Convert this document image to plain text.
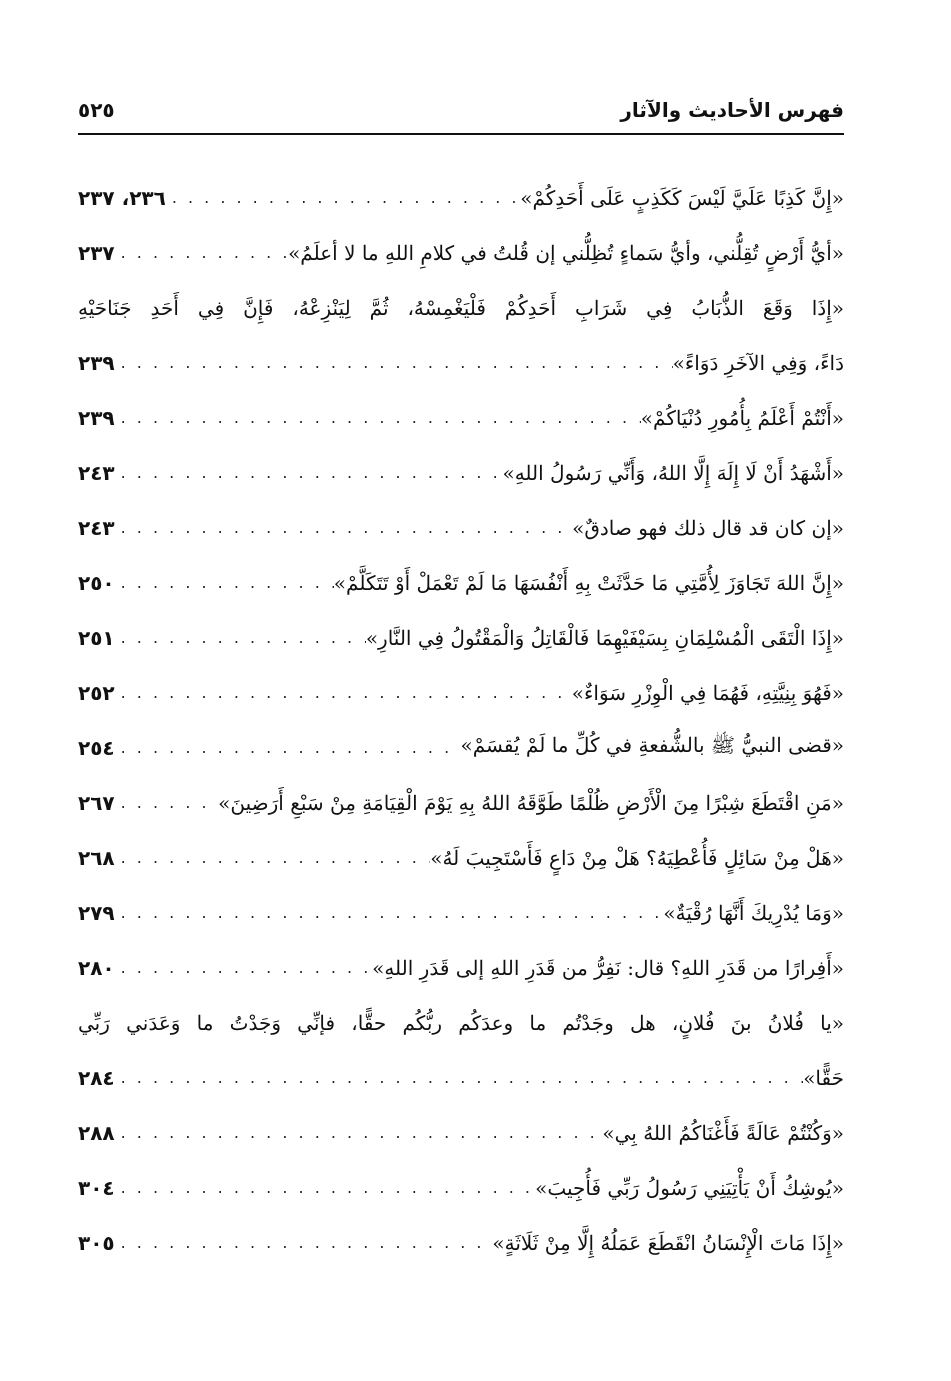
فهرس الأحاديث والآثار
٥٢٥
«إِنَّ كَذِبًا عَلَيَّ لَيْسَ كَكَذِبٍ عَلَى أَحَدِكُمْ»
. . .
٢٣٦، ٢٣٧
«أيُّ أَرْضٍ تُقِلُّني، وأيُّ سَماءٍ تُظِلُّني إن قُلتُ في كلامِ اللهِ ما لا أعلَمُ»
. . .
٢٣٧
«إِذَا وَقَعَ الذُّبَابُ فِي شَرَابِ أَحَدِكُمْ فَلْيَغْمِسْهُ، ثُمَّ لِيَنْزِعْهُ، فَإِنَّ فِي أَحَدِ جَنَاحَيْهِ
دَاءً، وَفِي الآخَرِ دَوَاءً»
. . .
٢٣٩
«أَنْتُمْ أَعْلَمُ بِأُمُورِ دُنْيَاكُمْ»
. . .
٢٣٩
«أَشْهَدُ أَنْ لَا إِلَهَ إِلَّا اللهُ، وَأَنِّي رَسُولُ اللهِ»
. . .
٢٤٣
«إن كان قد قال ذلك فهو صادقٌ»
. . .
٢٤٣
«إِنَّ اللهَ تَجَاوَزَ لِأُمَّتِي مَا حَدَّثَتْ بِهِ أَنْفُسَهَا مَا لَمْ تَعْمَلْ أَوْ تَتَكَلَّمْ»
. . .
٢٥٠
«إِذَا الْتَقَى الْمُسْلِمَانِ بِسَيْفَيْهِمَا فَالْقَاتِلُ وَالْمَقْتُولُ فِي النَّارِ»
. . .
٢٥١
«فَهُوَ بِنِيَّتِهِ، فَهُمَا فِي الْوِزْرِ سَوَاءٌ»
. . .
٢٥٢
«قضى النبيُّ ﷺ بالشُّفعةِ في كُلِّ ما لَمْ يُقسَمْ»
. . .
٢٥٤
«مَنِ اقْتَطَعَ شِبْرًا مِنَ الْأَرْضِ ظُلْمًا طَوَّقَهُ اللهُ بِهِ يَوْمَ الْقِيَامَةِ مِنْ سَبْعِ أَرَضِينَ»
. . .
٢٦٧
«هَلْ مِنْ سَائِلٍ فَأُعْطِيَهُ؟ هَلْ مِنْ دَاعٍ فَأَسْتَجِيبَ لَهُ»
. . .
٢٦٨
«وَمَا يُدْرِيكَ أَنَّهَا رُقْيَةٌ»
. . .
٢٧٩
«أَفِرارًا من قَدَرِ اللهِ؟ قال: نَفِرُّ من قَدَرِ اللهِ إلى قَدَرِ اللهِ»
. . .
٢٨٠
«يا فُلانُ بنَ فُلانٍ، هل وجَدْتُم ما وعدَكُم ربُّكُم حقًّا، فإنِّي وَجَدْتُ ما وَعَدَني رَبِّي
حَقًّا»
. . .
٢٨٤
«وَكُنْتُمْ عَالَةً فَأَغْنَاكُمُ اللهُ بِي»
. . .
٢٨٨
«يُوشِكُ أَنْ يَأْتِيَنِي رَسُولُ رَبِّي فَأُجِيبَ»
. . .
٣٠٤
«إِذَا مَاتَ الْإِنْسَانُ انْقَطَعَ عَمَلُهُ إِلَّا مِنْ ثَلَاثَةٍ»
. . .
٣٠٥
